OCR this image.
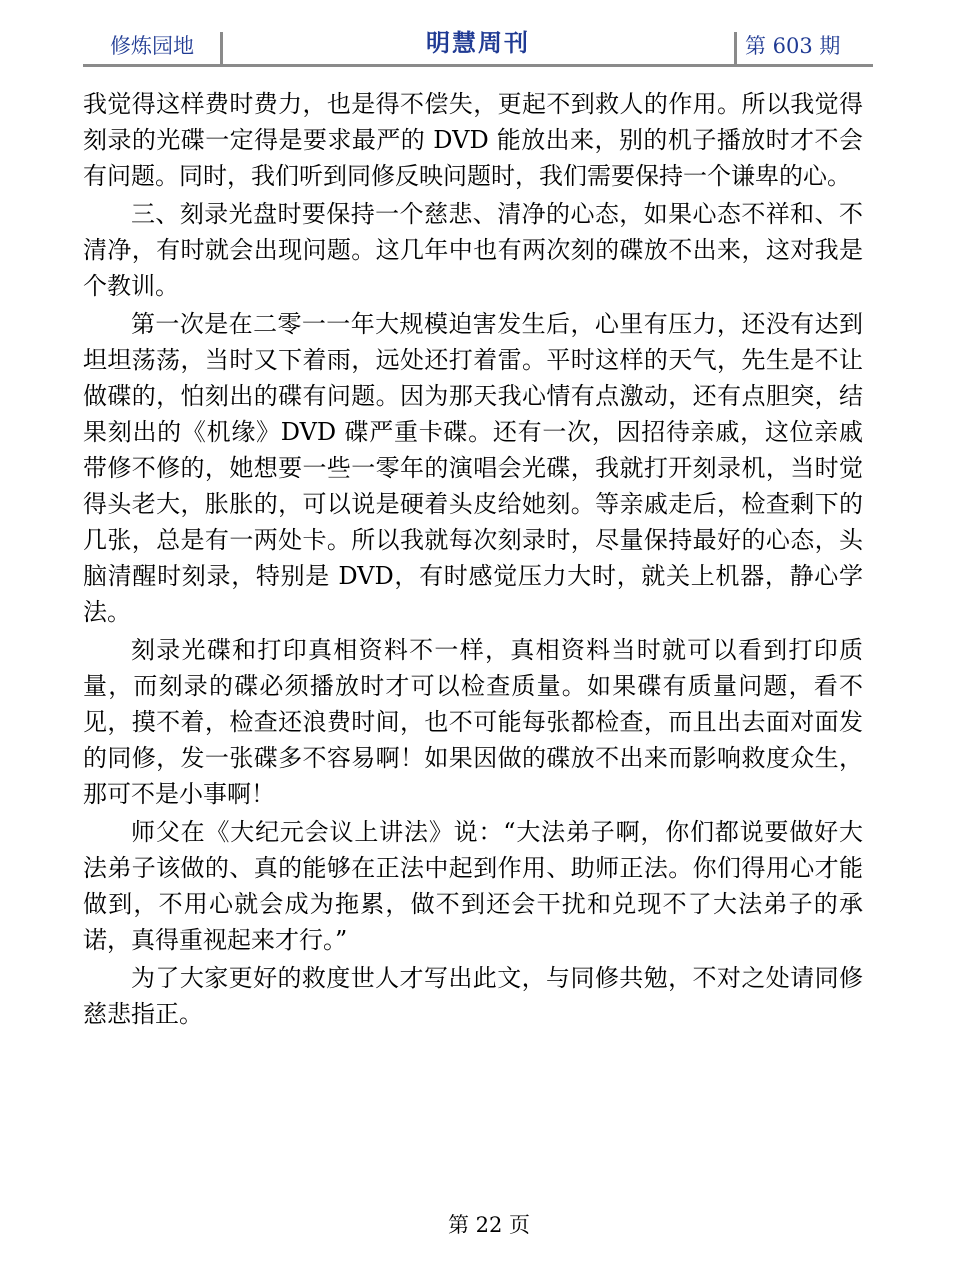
修炼园地	明慧周刊	第 603 期

我觉得这样费时费力，也是得不偿失，更起不到救人的作用。所以我觉得刻录的光碟一定得是要求最严的 DVD 能放出来，别的机子播放时才不会有问题。同时，我们听到同修反映问题时，我们需要保持一个谦卑的心。

三、刻录光盘时要保持一个慈悲、清净的心态，如果心态不祥和、不清净，有时就会出现问题。这几年中也有两次刻的碟放不出来，这对我是个教训。

第一次是在二零一一年大规模迫害发生后，心里有压力，还没有达到坦坦荡荡，当时又下着雨，远处还打着雷。平时这样的天气，先生是不让做碟的，怕刻出的碟有问题。因为那天我心情有点激动，还有点胆突，结果刻出的《机缘》DVD 碟严重卡碟。还有一次，因招待亲戚，这位亲戚带修不修的，她想要一些一零年的演唱会光碟，我就打开刻录机，当时觉得头老大，胀胀的，可以说是硬着头皮给她刻。等亲戚走后，检查剩下的几张，总是有一两处卡。所以我就每次刻录时，尽量保持最好的心态，头脑清醒时刻录，特别是 DVD，有时感觉压力大时，就关上机器，静心学法。

刻录光碟和打印真相资料不一样，真相资料当时就可以看到打印质量，而刻录的碟必须播放时才可以检查质量。如果碟有质量问题，看不见，摸不着，检查还浪费时间，也不可能每张都检查，而且出去面对面发的同修，发一张碟多不容易啊！如果因做的碟放不出来而影响救度众生，那可不是小事啊！

师父在《大纪元会议上讲法》说：“大法弟子啊，你们都说要做好大法弟子该做的、真的能够在正法中起到作用、助师正法。你们得用心才能做到，不用心就会成为拖累，做不到还会干扰和兑现不了大法弟子的承诺，真得重视起来才行。”

为了大家更好的救度世人才写出此文，与同修共勉，不对之处请同修慈悲指正。

第 22 页
